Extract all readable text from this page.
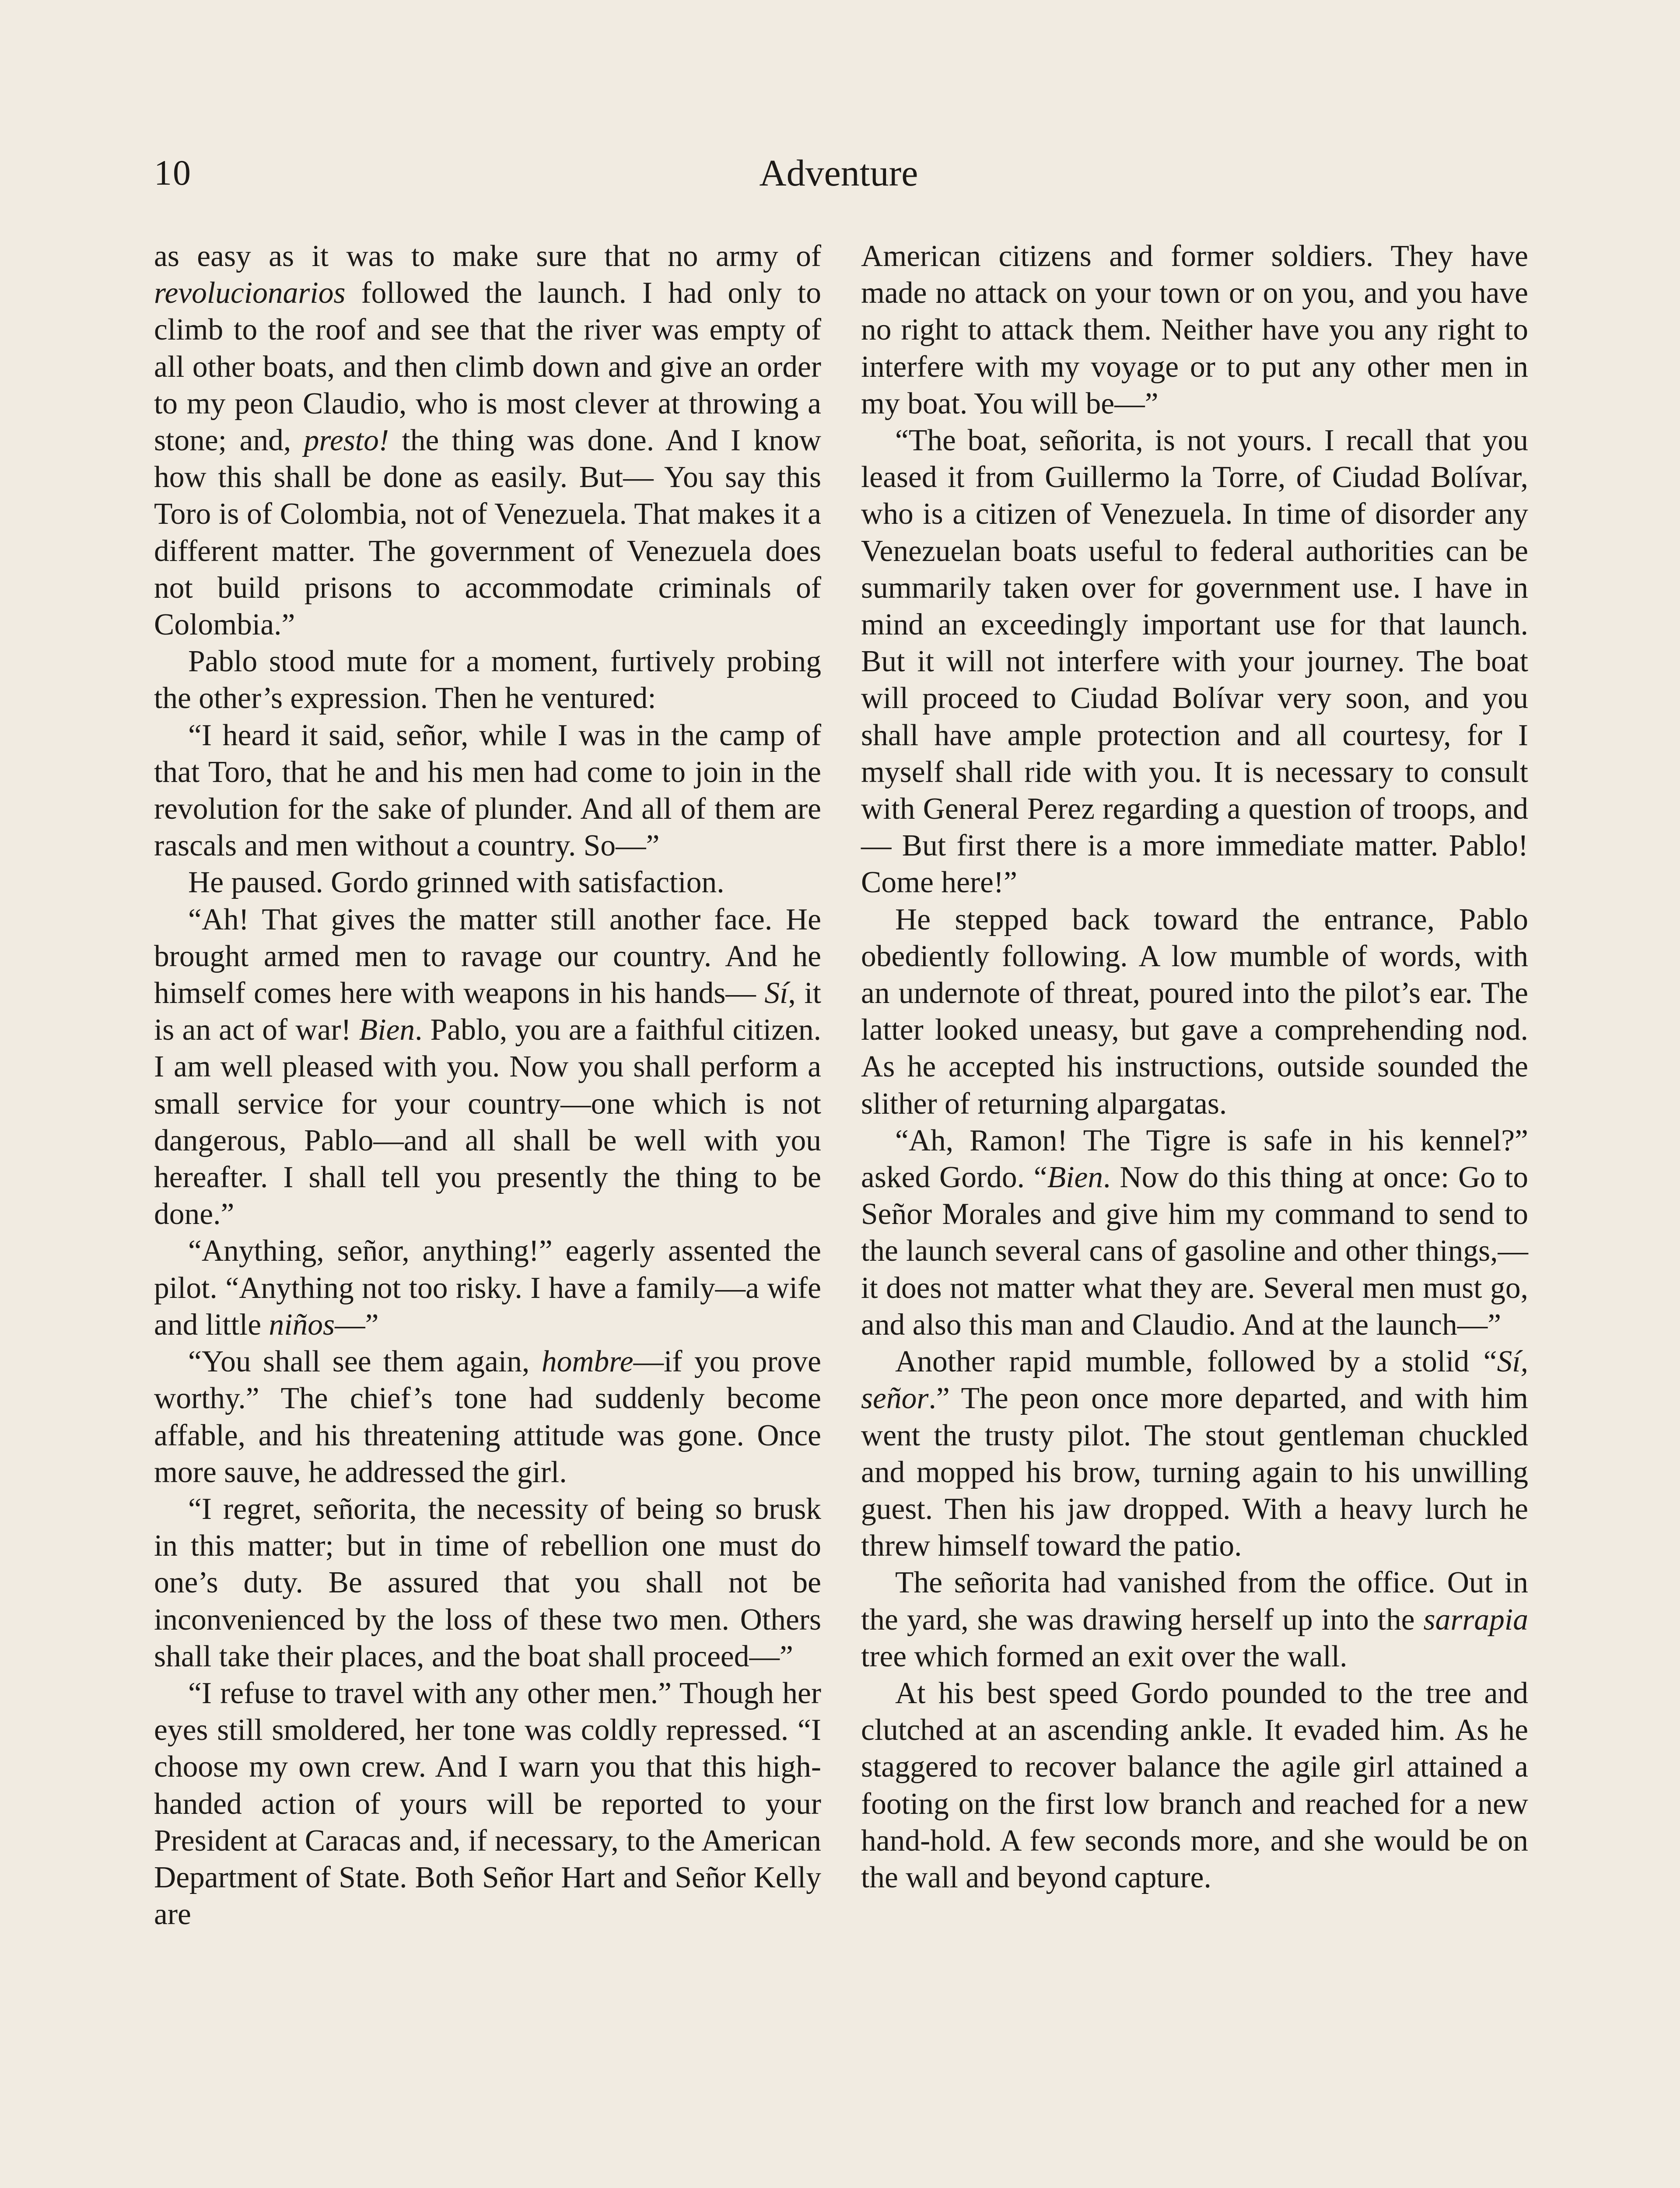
10	Adventure

as easy as it was to make sure that no army of revolucionarios followed the launch. I had only to climb to the roof and see that the river was empty of all other boats, and then climb down and give an order to my peon Claudio, who is most clever at throwing a stone; and, presto! the thing was done. And I know how this shall be done as easily. But— You say this Toro is of Colombia, not of Venezuela. That makes it a different matter. The government of Venezuela does not build prisons to accommodate criminals of Colombia.”

Pablo stood mute for a moment, furtively probing the other’s expression. Then he ventured:

“I heard it said, señor, while I was in the camp of that Toro, that he and his men had come to join in the revolution for the sake of plunder. And all of them are rascals and men without a country. So—”

He paused. Gordo grinned with satisfaction.

“Ah! That gives the matter still another face. He brought armed men to ravage our country. And he himself comes here with weapons in his hands— Sí, it is an act of war! Bien. Pablo, you are a faithful citizen. I am well pleased with you. Now you shall perform a small service for your country—one which is not dangerous, Pablo—and all shall be well with you hereafter. I shall tell you presently the thing to be done.”

“Anything, señor, anything!” eagerly assented the pilot. “Anything not too risky. I have a family—a wife and little niños—”

“You shall see them again, hombre—if you prove worthy.” The chief’s tone had suddenly become affable, and his threatening attitude was gone. Once more sauve, he addressed the girl.

“I regret, señorita, the necessity of being so brusk in this matter; but in time of rebellion one must do one’s duty. Be assured that you shall not be inconvenienced by the loss of these two men. Others shall take their places, and the boat shall proceed—”

“I refuse to travel with any other men.” Though her eyes still smoldered, her tone was coldly repressed. “I choose my own crew. And I warn you that this high-handed action of yours will be reported to your President at Caracas and, if necessary, to the American Department of State. Both Señor Hart and Señor Kelly are

American citizens and former soldiers. They have made no attack on your town or on you, and you have no right to attack them. Neither have you any right to interfere with my voyage or to put any other men in my boat. You will be—”

“The boat, señorita, is not yours. I recall that you leased it from Guillermo la Torre, of Ciudad Bolívar, who is a citizen of Venezuela. In time of disorder any Venezuelan boats useful to federal authorities can be summarily taken over for government use. I have in mind an exceedingly important use for that launch. But it will not interfere with your journey. The boat will proceed to Ciudad Bolívar very soon, and you shall have ample protection and all courtesy, for I myself shall ride with you. It is necessary to consult with General Perez regarding a question of troops, and— But first there is a more immediate matter. Pablo! Come here!”

He stepped back toward the entrance, Pablo obediently following. A low mumble of words, with an undernote of threat, poured into the pilot’s ear. The latter looked uneasy, but gave a comprehending nod. As he accepted his instructions, outside sounded the slither of returning alpargatas.

“Ah, Ramon! The Tigre is safe in his kennel?” asked Gordo. “Bien. Now do this thing at once: Go to Señor Morales and give him my command to send to the launch several cans of gasoline and other things,—it does not matter what they are. Several men must go, and also this man and Claudio. And at the launch—”

Another rapid mumble, followed by a stolid “Sí, señor.” The peon once more departed, and with him went the trusty pilot. The stout gentleman chuckled and mopped his brow, turning again to his unwilling guest. Then his jaw dropped. With a heavy lurch he threw himself toward the patio.

The señorita had vanished from the office. Out in the yard, she was drawing herself up into the sarrapia tree which formed an exit over the wall.

At his best speed Gordo pounded to the tree and clutched at an ascending ankle. It evaded him. As he staggered to recover balance the agile girl attained a footing on the first low branch and reached for a new hand-hold. A few seconds more, and she would be on the wall and beyond capture.
